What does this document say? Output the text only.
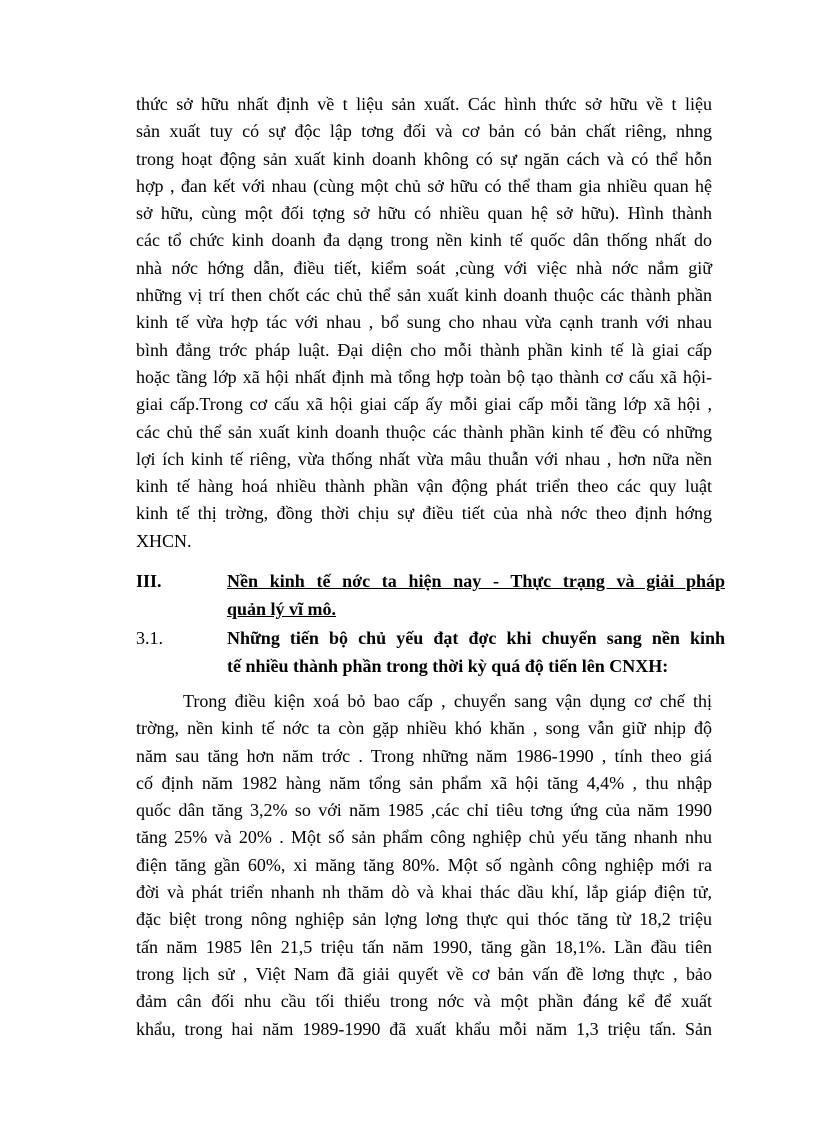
thức sở hữu nhất định về t liệu sản xuất. Các hình thức sở hữu về t liệu
sản xuất tuy có sự độc lập tơng đối và cơ bản có bản chất riêng, nhng
trong hoạt động sản xuất kinh doanh không có sự ngăn cách và có thể hỗn
hợp , đan kết với nhau (cùng một chủ sở hữu có thể tham gia nhiều quan hệ
sở hữu, cùng một đối tợng sở hữu có nhiều quan hệ sở hữu). Hình thành
các tổ chức kinh doanh đa dạng trong nền kinh tế quốc dân thống nhất do
nhà nớc hớng dẫn, điều tiết, kiểm soát ,cùng với việc nhà nớc nắm giữ
những vị trí then chốt các chủ thể sản xuất kinh doanh thuộc các thành phần
kinh tế vừa hợp tác với nhau , bổ sung cho nhau vừa cạnh tranh với nhau
bình đẳng trớc pháp luật. Đại diện cho mỗi thành phần kinh tế là giai cấp
hoặc tầng lớp xã hội nhất định mà tổng hợp toàn bộ tạo thành cơ cấu xã hội-
giai cấp.Trong cơ cấu xã hội giai cấp ấy mỗi giai cấp mỗi tầng lớp xã hội ,
các chủ thể sản xuất kinh doanh thuộc các thành phần kinh tế đều có những
lợi ích kinh tế riêng, vừa thống nhất vừa mâu thuẫn với nhau , hơn nữa nền
kinh tế hàng hoá nhiều thành phần vận động phát triển theo các quy luật
kinh tế thị trờng, đồng thời chịu sự điều tiết của nhà nớc theo định hớng
XHCN.
III.	Nền kinh tế nớc ta hiện nay - Thực trạng và giải pháp
quản lý vĩ mô.
3.1.	Những tiến bộ chủ yếu đạt đợc khi chuyển sang nền kinh
tế nhiều thành phần trong thời kỳ quá độ tiến lên CNXH:
Trong điều kiện xoá bỏ bao cấp , chuyển sang vận dụng cơ chế thị
trờng, nền kinh tế nớc ta còn gặp nhiều khó khăn , song vẫn giữ nhịp độ
năm sau tăng hơn năm trớc . Trong những năm 1986-1990 , tính theo giá
cố định năm 1982 hàng năm tổng sản phẩm xã hội tăng 4,4% , thu nhập
quốc dân tăng 3,2% so với năm 1985 ,các chỉ tiêu tơng ứng của năm 1990
tăng 25% và 20% . Một số sản phẩm công nghiệp chủ yếu tăng nhanh nhu
điện tăng gần 60%, xi măng tăng 80%. Một số ngành công nghiệp mới ra
đời và phát triển nhanh nh thăm dò và khai thác dầu khí, lắp giáp điện tử,
đặc biệt trong nông nghiệp sản lợng lơng thực qui thóc tăng từ 18,2 triệu
tấn năm 1985 lên 21,5 triệu tấn năm 1990, tăng gần 18,1%. Lần đầu tiên
trong lịch sử , Việt Nam đã giải quyết về cơ bản vấn đề lơng thực , bảo
đảm cân đối nhu cầu tối thiểu trong nớc và một phần đáng kể để xuất
khẩu, trong hai năm 1989-1990 đã xuất khẩu mỗi năm 1,3 triệu tấn. Sản
